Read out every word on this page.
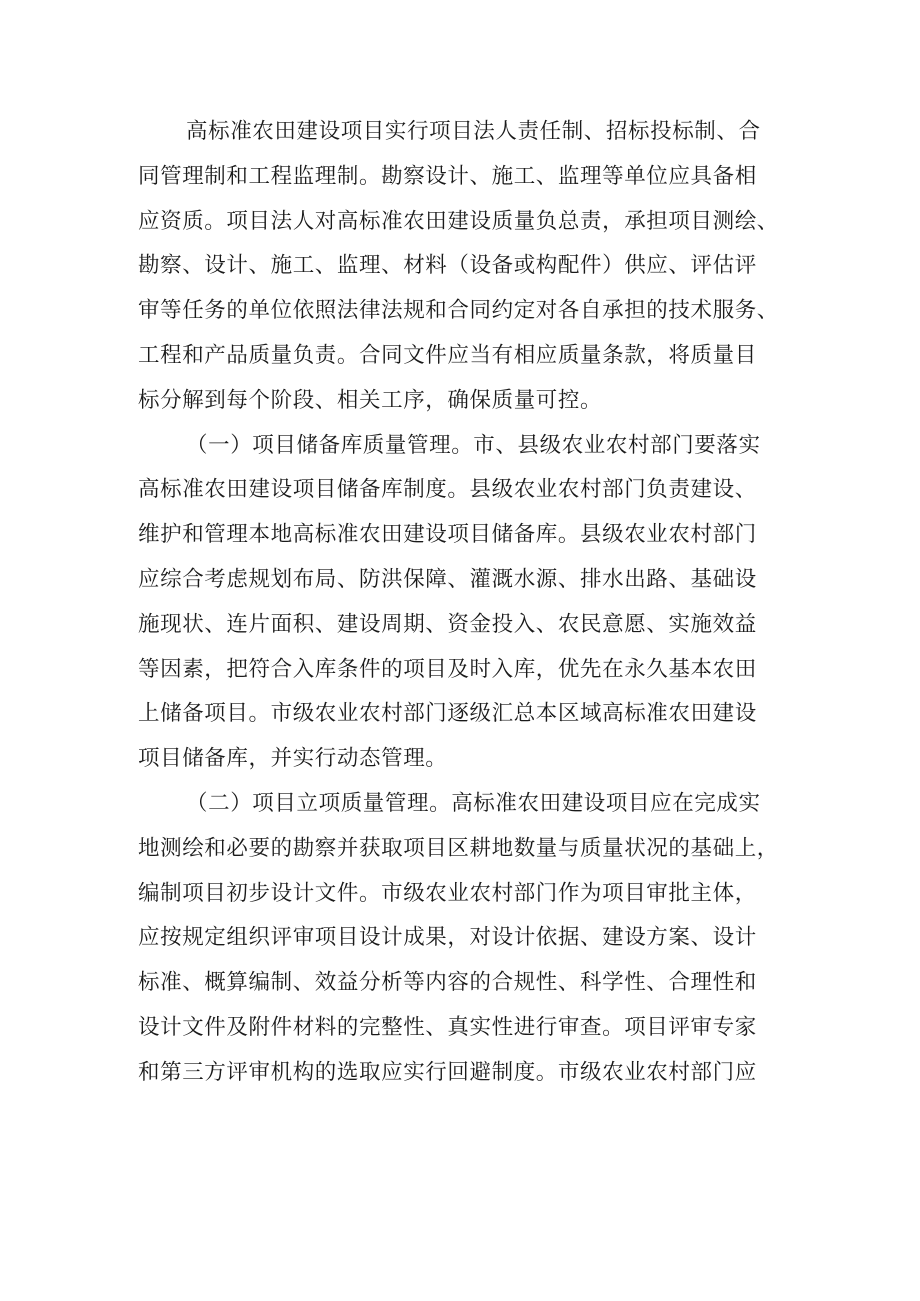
高标准农田建设项目实行项目法人责任制、招标投标制、合
同管理制和工程监理制。勘察设计、施工、监理等单位应具备相
应资质。项目法人对高标准农田建设质量负总责，承担项目测绘、
勘察、设计、施工、监理、材料（设备或构配件）供应、评估评
审等任务的单位依照法律法规和合同约定对各自承担的技术服务、
工程和产品质量负责。合同文件应当有相应质量条款，将质量目
标分解到每个阶段、相关工序，确保质量可控。
（一）项目储备库质量管理。市、县级农业农村部门要落实
高标准农田建设项目储备库制度。县级农业农村部门负责建设、
维护和管理本地高标准农田建设项目储备库。县级农业农村部门
应综合考虑规划布局、防洪保障、灌溉水源、排水出路、基础设
施现状、连片面积、建设周期、资金投入、农民意愿、实施效益
等因素，把符合入库条件的项目及时入库，优先在永久基本农田
上储备项目。市级农业农村部门逐级汇总本区域高标准农田建设
项目储备库，并实行动态管理。
（二）项目立项质量管理。高标准农田建设项目应在完成实
地测绘和必要的勘察并获取项目区耕地数量与质量状况的基础上，
编制项目初步设计文件。市级农业农村部门作为项目审批主体，
应按规定组织评审项目设计成果，对设计依据、建设方案、设计
标准、概算编制、效益分析等内容的合规性、科学性、合理性和
设计文件及附件材料的完整性、真实性进行审查。项目评审专家
和第三方评审机构的选取应实行回避制度。市级农业农村部门应
